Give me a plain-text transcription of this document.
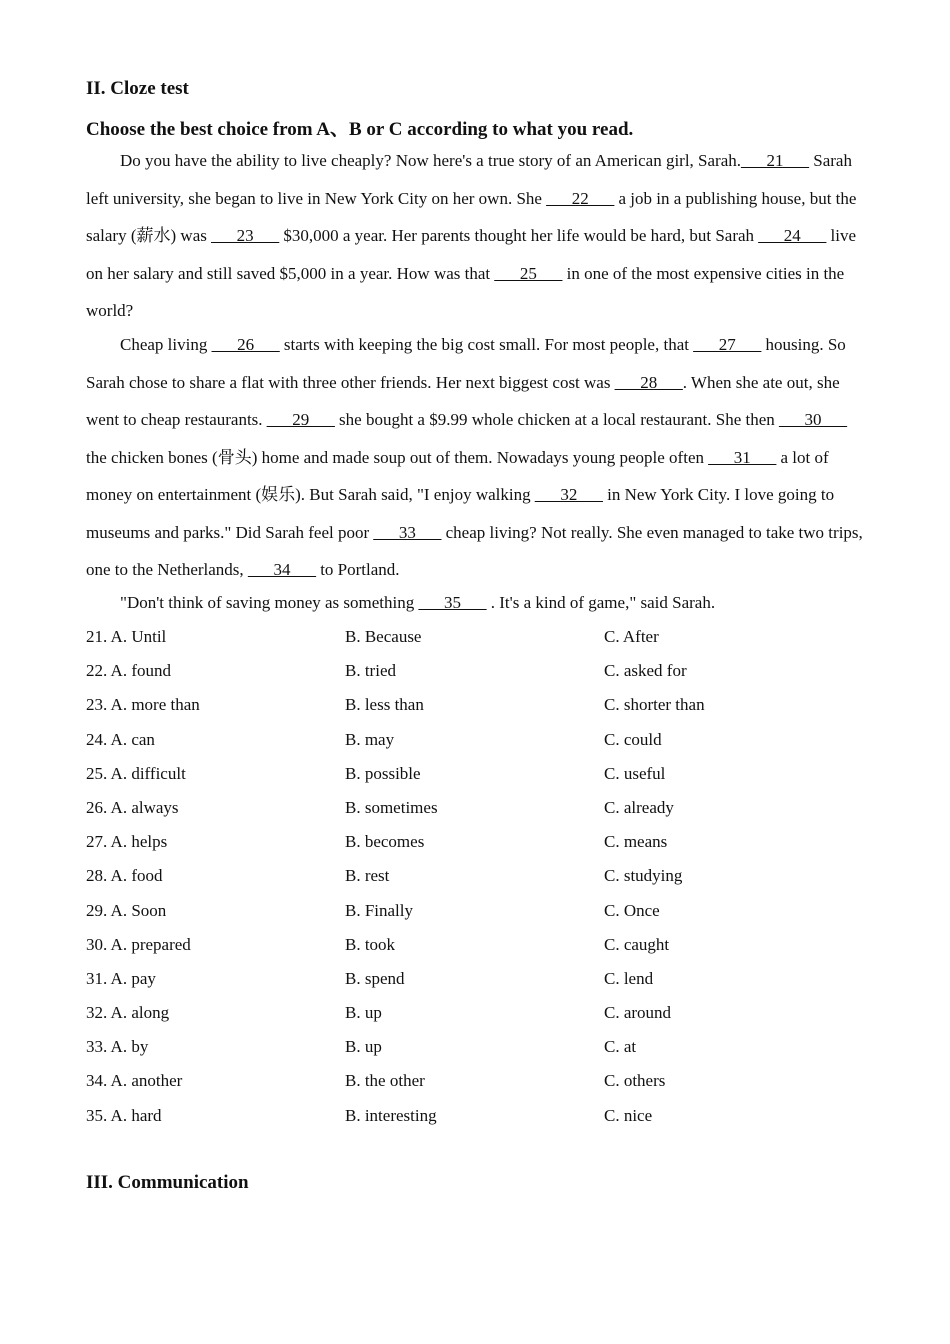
II. Cloze test
Choose the best choice from A、B or C according to what you read.
Do you have the ability to live cheaply? Now here's a true story of an American girl, Sarah.___21___ Sarah left university, she began to live in New York City on her own. She ___22___ a job in a publishing house, but the salary (薪水) was ___23___ $30,000 a year. Her parents thought her life would be hard, but Sarah ___24___ live on her salary and still saved $5,000 in a year. How was that ___25___ in one of the most expensive cities in the world?
Cheap living ___26___ starts with keeping the big cost small. For most people, that ___27___ housing. So Sarah chose to share a flat with three other friends. Her next biggest cost was ___28___. When she ate out, she went to cheap restaurants. ___29___ she bought a $9.99 whole chicken at a local restaurant. She then ___30___ the chicken bones (骨头) home and made soup out of them. Nowadays young people often ___31___ a lot of money on entertainment (娱乐). But Sarah said, "I enjoy walking ___32___ in New York City. I love going to museums and parks." Did Sarah feel poor ___33___ cheap living? Not really. She even managed to take two trips, one to the Netherlands, ___34___ to Portland.
"Don't think of saving money as something ___35___ . It's a kind of game," said Sarah.
21. A. Until	B. Because	C. After
22. A. found	B. tried	C. asked for
23. A. more than	B. less than	C. shorter than
24. A. can	B. may	C. could
25. A. difficult	B. possible	C. useful
26. A. always	B. sometimes	C. already
27. A. helps	B. becomes	C. means
28. A. food	B. rest	C. studying
29. A. Soon	B. Finally	C. Once
30. A. prepared	B. took	C. caught
31. A. pay	B. spend	C. lend
32. A. along	B. up	C. around
33. A. by	B. up	C. at
34. A. another	B. the other	C. others
35. A. hard	B. interesting	C. nice
III. Communication
